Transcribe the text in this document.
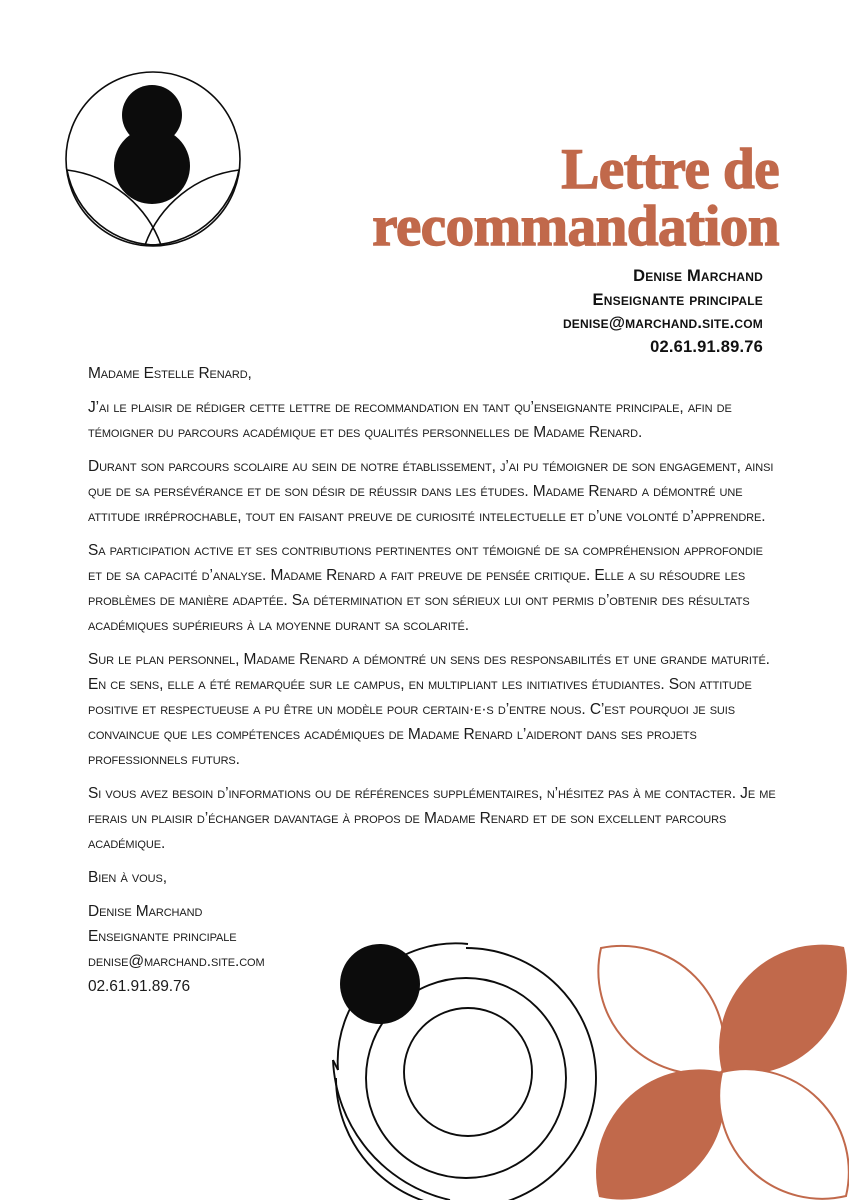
Lettre de recommandation
Denise Marchand
Enseignante principale
denise@marchand.site.com
02.61.91.89.76

Madame Estelle Renard,

J’ai le plaisir de rédiger cette lettre de recommandation en tant qu’enseignante principale, afin de témoigner du parcours académique et des qualités personnelles de Madame Renard.

Durant son parcours scolaire au sein de notre établissement, j’ai pu témoigner de son engagement, ainsi que de sa persévérance et de son désir de réussir dans les études. Madame Renard a démontré une attitude irréprochable, tout en faisant preuve de curiosité intelectuelle et d’une volonté d’apprendre.

Sa participation active et ses contributions pertinentes ont témoigné de sa compréhension approfondie et de sa capacité d’analyse. Madame Renard a fait preuve de pensée critique. Elle a su résoudre les problèmes de manière adaptée. Sa détermination et son sérieux lui ont permis d’obtenir des résultats académiques supérieurs à la moyenne durant sa scolarité.

Sur le plan personnel, Madame Renard a démontré un sens des responsabilités et une grande maturité. En ce sens, elle a été remarquée sur le campus, en multipliant les initiatives étudiantes. Son attitude positive et respectueuse a pu être un modèle pour certain·e·s d’entre nous. C’est pourquoi je suis convaincue que les compétences académiques de Madame Renard l’aideront dans ses projets professionnels futurs.

Si vous avez besoin d’informations ou de références supplémentaires, n’hésitez pas à me contacter. Je me ferais un plaisir d’échanger davantage à propos de Madame Renard et de son excellent parcours académique.

Bien à vous,

Denise Marchand
Enseignante principale
denise@marchand.site.com
02.61.91.89.76
